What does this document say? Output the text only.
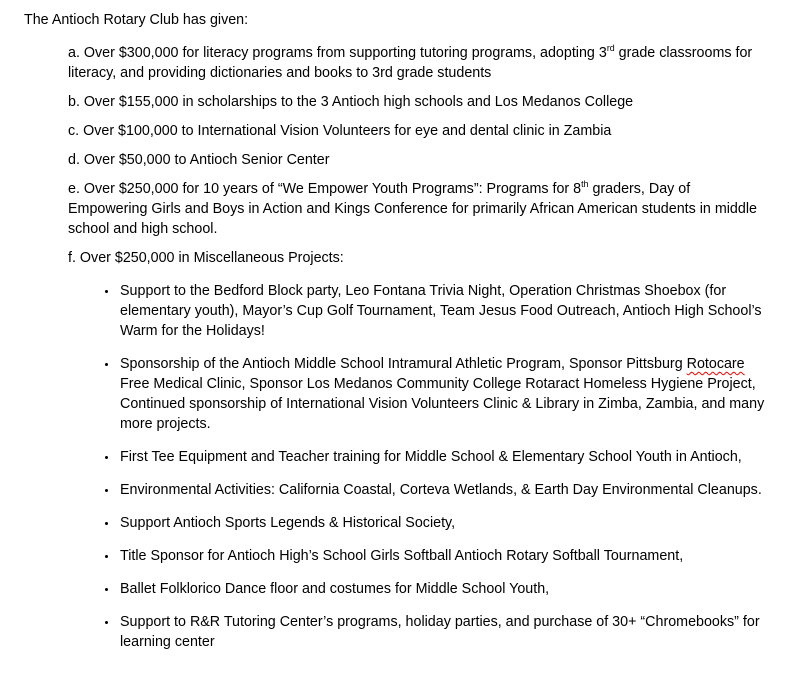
The Antioch Rotary Club has given:

a. Over $300,000 for literacy programs from supporting tutoring programs, adopting 3rd grade classrooms for literacy, and providing dictionaries and books to 3rd grade students

b. Over $155,000 in scholarships to the 3 Antioch high schools and Los Medanos College

c. Over $100,000 to International Vision Volunteers for eye and dental clinic in Zambia

d. Over $50,000 to Antioch Senior Center

e. Over $250,000 for 10 years of “We Empower Youth Programs”: Programs for 8th graders, Day of Empowering Girls and Boys in Action and Kings Conference for primarily African American students in middle school and high school.

f. Over $250,000 in Miscellaneous Projects:

• Support to the Bedford Block party, Leo Fontana Trivia Night, Operation Christmas Shoebox (for elementary youth), Mayor’s Cup Golf Tournament, Team Jesus Food Outreach, Antioch High School’s Warm for the Holidays!
• Sponsorship of the Antioch Middle School Intramural Athletic Program, Sponsor Pittsburg Rotocare Free Medical Clinic, Sponsor Los Medanos Community College Rotaract Homeless Hygiene Project, Continued sponsorship of International Vision Volunteers Clinic & Library in Zimba, Zambia, and many more projects.
• First Tee Equipment and Teacher training for Middle School & Elementary School Youth in Antioch,
• Environmental Activities: California Coastal, Corteva Wetlands, & Earth Day Environmental Cleanups.
• Support Antioch Sports Legends & Historical Society,
• Title Sponsor for Antioch High’s School Girls Softball Antioch Rotary Softball Tournament,
• Ballet Folklorico Dance floor and costumes for Middle School Youth,
• Support to R&R Tutoring Center’s programs, holiday parties, and purchase of 30+ “Chromebooks” for learning center
